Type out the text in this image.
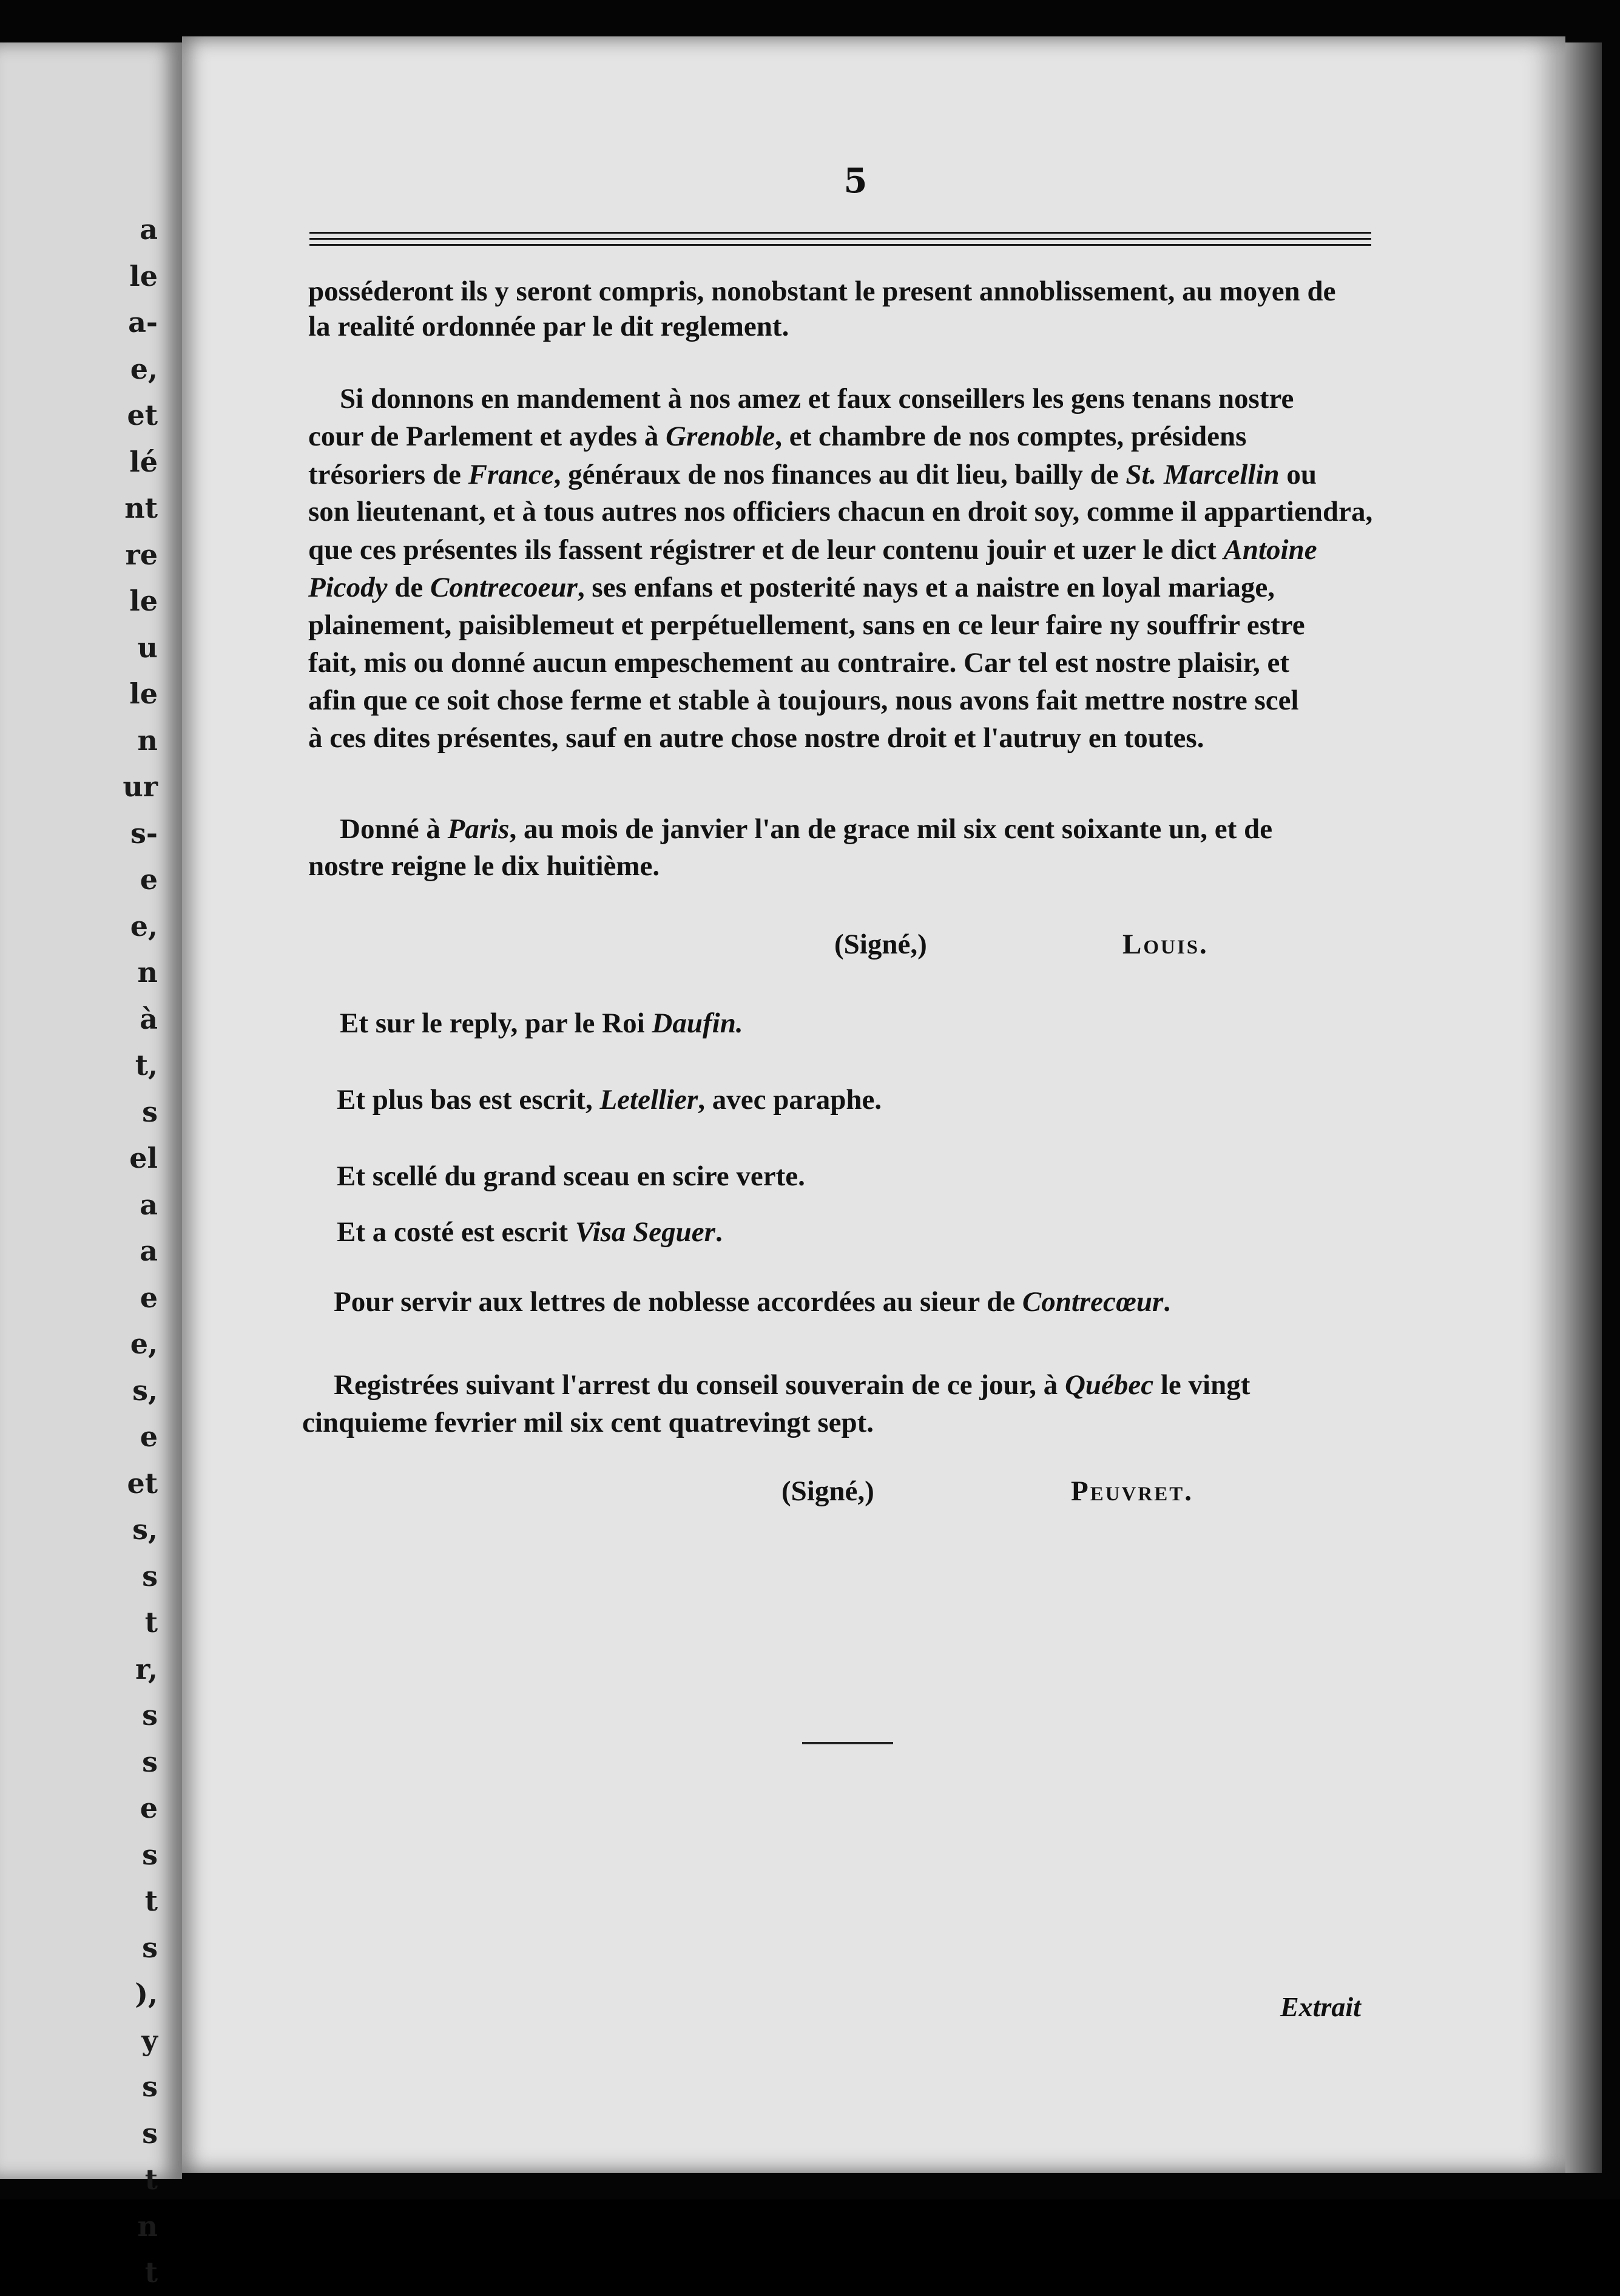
a
le
a-
e,
et
lé
nt
re
le
u
le
n
ur
s-
e
e,
n
à
t,
s
el
a
a
e
e,
s,
e
et
s,
s
t
r,
s
s
e
s
t
s
),
y
s
s
t
n
t
5
posséderont ils y seront compris, nonobstant le present annoblissement, au moyen de
la realité ordonnée par le dit reglement.
Si donnons en mandement à nos amez et faux conseillers les gens tenans nostre
cour de Parlement et aydes à Grenoble, et chambre de nos comptes, présidens
trésoriers de France, généraux de nos finances au dit lieu, bailly de St. Marcellin ou
son lieutenant, et à tous autres nos officiers chacun en droit soy, comme il appartiendra,
que ces présentes ils fassent régistrer et de leur contenu jouir et uzer le dict Antoine
Picody de Contrecoeur, ses enfans et posterité nays et a naistre en loyal mariage,
plainement, paisiblemeut et perpétuellement, sans en ce leur faire ny souffrir estre
fait, mis ou donné aucun empeschement au contraire. Car tel est nostre plaisir, et
afin que ce soit chose ferme et stable à toujours, nous avons fait mettre nostre scel
à ces dites présentes, sauf en autre chose nostre droit et l'autruy en toutes.
Donné à Paris, au mois de janvier l'an de grace mil six cent soixante un, et de
nostre reigne le dix huitième.
(Signé,)	Louis.
Et sur le reply, par le Roi Daufin.
Et plus bas est escrit, Letellier, avec paraphe.
Et scellé du grand sceau en scire verte.
Et a costé est escrit Visa Seguer.
Pour servir aux lettres de noblesse accordées au sieur de Contrecœur.
Registrées suivant l'arrest du conseil souverain de ce jour, à Québec le vingt
cinquieme fevrier mil six cent quatrevingt sept.
(Signé,)	Peuvret.
Extrait
